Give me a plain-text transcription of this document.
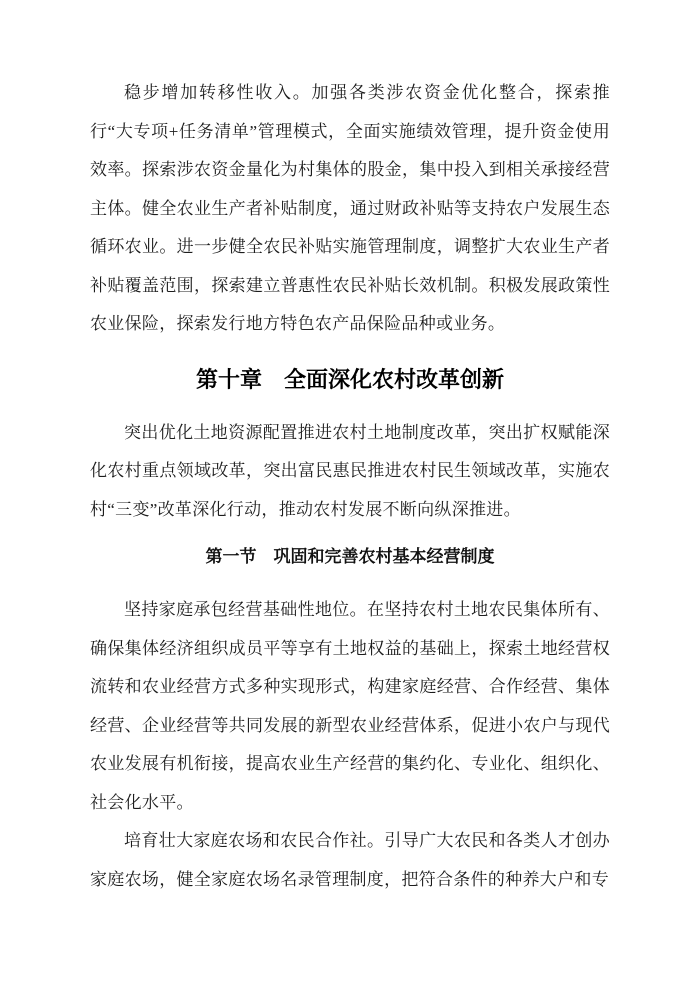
稳步增加转移性收入。加强各类涉农资金优化整合，探索推行“大专项+任务清单”管理模式，全面实施绩效管理，提升资金使用效率。探索涉农资金量化为村集体的股金，集中投入到相关承接经营主体。健全农业生产者补贴制度，通过财政补贴等支持农户发展生态循环农业。进一步健全农民补贴实施管理制度，调整扩大农业生产者补贴覆盖范围，探索建立普惠性农民补贴长效机制。积极发展政策性农业保险，探索发行地方特色农产品保险品种或业务。

第十章　全面深化农村改革创新

突出优化土地资源配置推进农村土地制度改革，突出扩权赋能深化农村重点领域改革，突出富民惠民推进农村民生领域改革，实施农村“三变”改革深化行动，推动农村发展不断向纵深推进。

第一节　巩固和完善农村基本经营制度

坚持家庭承包经营基础性地位。在坚持农村土地农民集体所有、确保集体经济组织成员平等享有土地权益的基础上，探索土地经营权流转和农业经营方式多种实现形式，构建家庭经营、合作经营、集体经营、企业经营等共同发展的新型农业经营体系，促进小农户与现代农业发展有机衔接，提高农业生产经营的集约化、专业化、组织化、社会化水平。

培育壮大家庭农场和农民合作社。引导广大农民和各类人才创办家庭农场，健全家庭农场名录管理制度，把符合条件的种养大户和专
